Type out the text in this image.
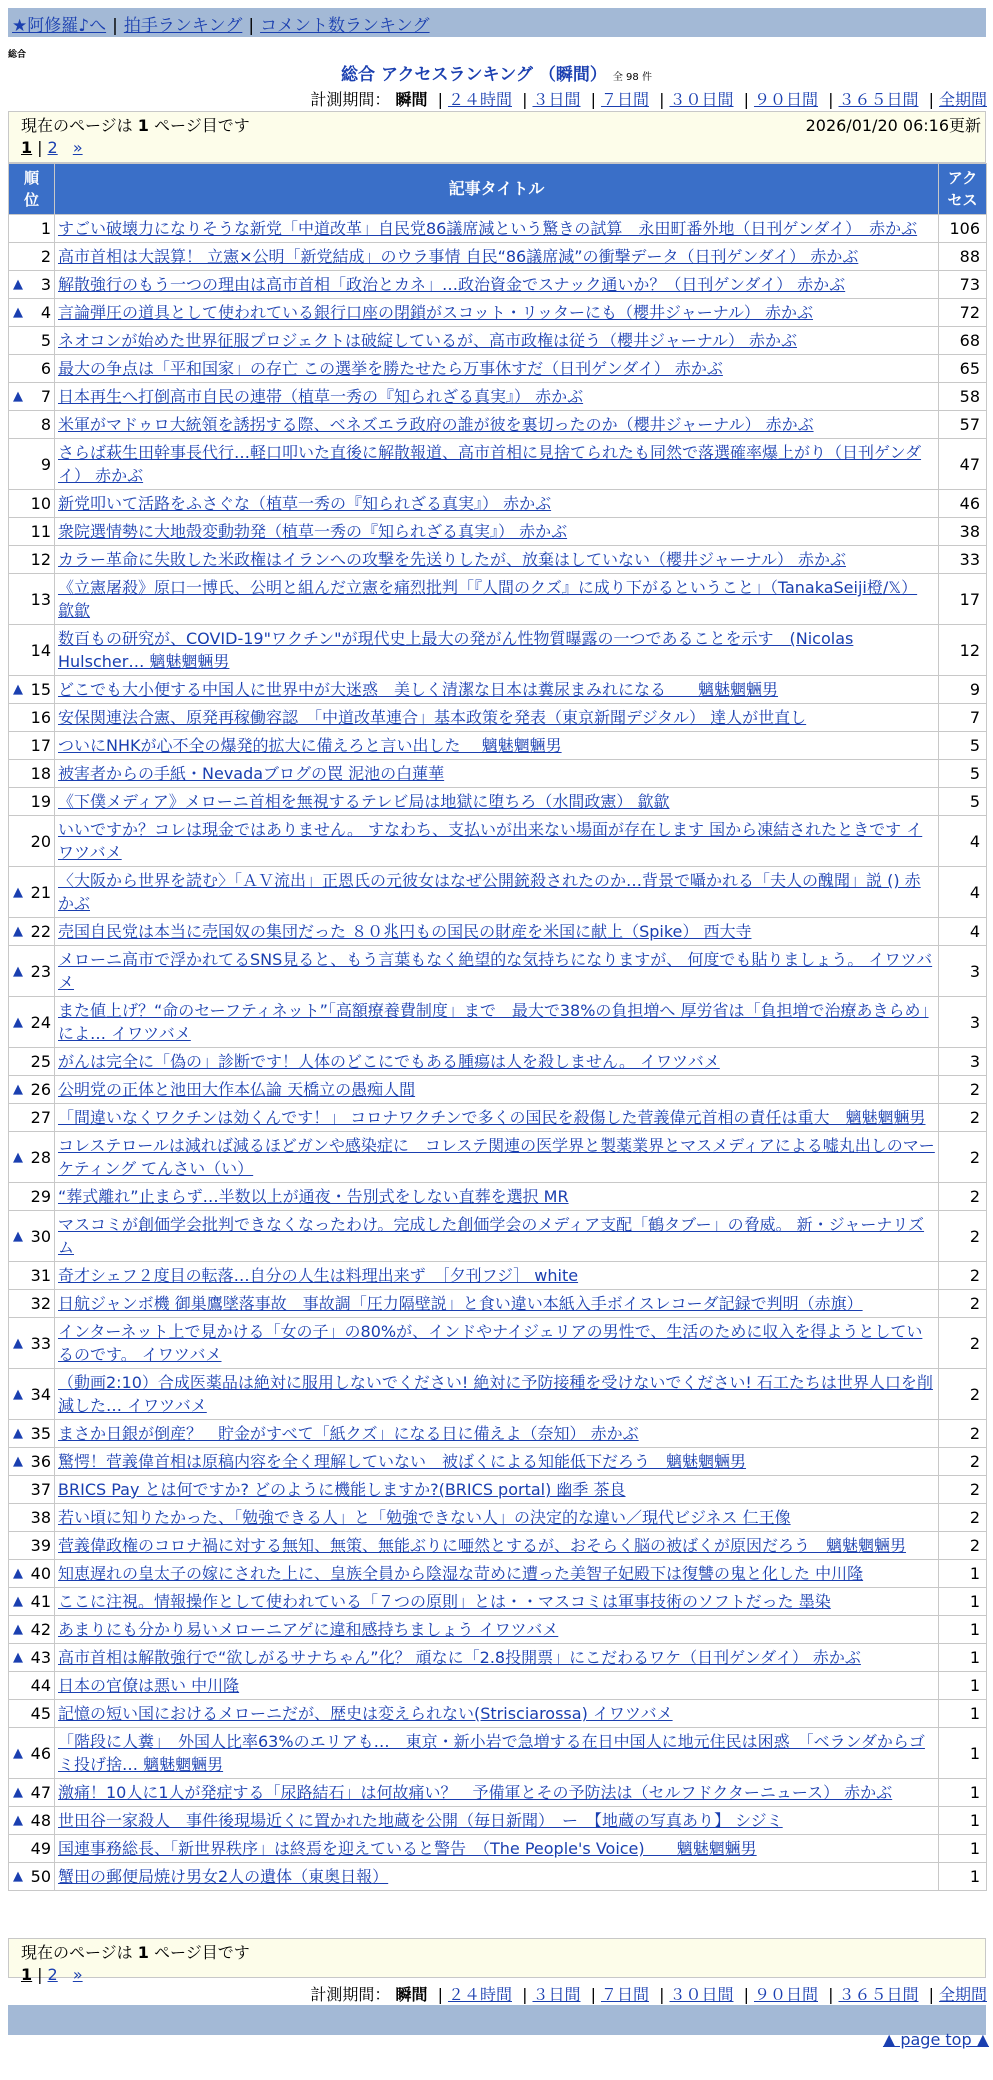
★阿修羅♪へ | 拍手ランキング | コメント数ランキング
総合
総合 アクセスランキング （瞬間） 全 98 件
計測期間： 瞬間 | ２４時間 | ３日間 | ７日間 | ３０日間 | ９０日間 | ３６５日間 | 全期間
現在のページは 1 ページ目です	2026/01/20 06:16更新
1 | 2 »
順位	記事タイトル	アクセス
1	すごい破壊力になりそうな新党「中道改革」自民党86議席減という驚きの試算　永田町番外地（日刊ゲンダイ）　赤かぶ	106
2	高市首相は大誤算！ 立憲×公明「新党結成」のウラ事情 自民“86議席減”の衝撃データ（日刊ゲンダイ） 赤かぶ	88

▲ 3	解散強行のもう一つの理由は高市首相「政治とカネ」…政治資金でスナック通いか？（日刊ゲンダイ） 赤かぶ	73

▲ 4	言論弾圧の道具として使われている銀行口座の閉鎖がスコット・リッターにも（櫻井ジャーナル） 赤かぶ	72
5	ネオコンが始めた世界征服プロジェクトは破綻しているが、高市政権は従う（櫻井ジャーナル） 赤かぶ	68
6	最大の争点は「平和国家」の存亡 この選挙を勝たせたら万事休すだ（日刊ゲンダイ） 赤かぶ	65

▲ 7	日本再生へ打倒高市自民の連帯（植草一秀の『知られざる真実』） 赤かぶ	58
8	米軍がマドゥロ大統領を誘拐する際、ベネズエラ政府の誰が彼を裏切ったのか（櫻井ジャーナル） 赤かぶ	57
9	さらば萩生田幹事長代行…軽口叩いた直後に解散報道、高市首相に見捨てられたも同然で落選確率爆上がり（日刊ゲンダイ） 赤かぶ	47
10	新党叩いて活路をふさぐな（植草一秀の『知られざる真実』） 赤かぶ	46
11	衆院選情勢に大地殻変動勃発（植草一秀の『知られざる真実』） 赤かぶ	38
12	カラー革命に失敗した米政権はイランへの攻撃を先送りしたが、放棄はしていない（櫻井ジャーナル） 赤かぶ	33
13	《立憲屠殺》原口一博氏、公明と組んだ立憲を痛烈批判「『人間のクズ』に成り下がるということ」（TanakaSeiji橙/𝕏） 歙歙	17
14	数百もの研究が、COVID-19"ワクチン"が現代史上最大の発がん性物質曝露の一つであることを示す　(Nicolas Hulscher… 魑魅魍魎男	12

▲ 15	どこでも大小便する中国人に世界中が大迷惑　美しく清潔な日本は糞尿まみれになる　　魑魅魍魎男	9
16	安保関連法合憲、原発再稼働容認　「中道改革連合」基本政策を発表（東京新聞デジタル） 達人が世直し	7
17	ついにNHKが心不全の爆発的拡大に備えろと言い出した　 魑魅魍魎男	5
18	被害者からの手紙・Nevadaブログの罠 泥池の白蓮華	5
19	《下僕メディア》メローニ首相を無視するテレビ局は地獄に堕ちろ（水間政憲） 歙歙	5
20	いいですか？コレは現金ではありません。 すなわち、支払いが出来ない場面が存在します 国から凍結されたときです イワツバメ	4

▲ 21	〈大阪から世界を読む〉「ＡＶ流出」正恩氏の元彼女はなぜ公開銃殺されたのか…背景で囁かれる「夫人の醜聞」説 () 赤かぶ	4

▲ 22	売国自民党は本当に売国奴の集団だった ８０兆円もの国民の財産を米国に献上（Spike） 西大寺	4

▲ 23	メローニ高市で浮かれてるSNS見ると、もう言葉もなく絶望的な気持ちになりますが、 何度でも貼りましょう。 イワツバメ	3

▲ 24	また値上げ？“命のセーフティネット”「高額療養費制度」まで　最大で38%の負担増へ 厚労省は「負担増で治療あきらめ」によ… イワツバメ	3
25	がんは完全に「偽の」診断です！人体のどこにでもある腫瘍は人を殺しません。 イワツバメ	3

▲ 26	公明党の正体と池田大作本仏論 天橋立の愚痴人間	2
27	「間違いなくワクチンは効くんです！」 コロナワクチンで多くの国民を殺傷した菅義偉元首相の責任は重大　魑魅魍魎男	2

▲ 28	コレステロールは減れば減るほどガンや感染症に　コレステ関連の医学界と製薬業界とマスメディアによる嘘丸出しのマーケティング てんさい（い）	2
29	“葬式離れ”止まらず…半数以上が通夜・告別式をしない直葬を選択 MR	2

▲ 30	マスコミが創価学会批判できなくなったわけ。完成した創価学会のメディア支配「鶴タブー」の脅威。 新・ジャーナリズム	2
31	奇才シェフ２度目の転落…自分の人生は料理出来ず　［夕刊フジ］ white	2
32	日航ジャンボ機 御巣鷹墜落事故　事故調「圧力隔壁説」と食い違い本紙入手ボイスレコーダ記録で判明（赤旗）	2

▲ 33	インターネット上で見かける「女の子」の80%が、インドやナイジェリアの男性で、生活のために収入を得ようとしているのです。 イワツバメ	2

▲ 34	（動画2:10）合成医薬品は絶対に服用しないでください! 絶対に予防接種を受けないでください! 石工たちは世界人口を削減した… イワツバメ	2

▲ 35	まさか日銀が倒産？　貯金がすべて「紙クズ」になる日に備えよ（奈知） 赤かぶ	2

▲ 36	驚愕！菅義偉首相は原稿内容を全く理解していない　被ばくによる知能低下だろう　魑魅魍魎男	2
37	BRICS Pay とは何ですか? どのように機能しますか?(BRICS portal) 幽季 茶良	2
38	若い頃に知りたかった、「勉強できる人」と「勉強できない人」の決定的な違い／現代ビジネス 仁王像	2
39	菅義偉政権のコロナ禍に対する無知、無策、無能ぶりに唖然とするが、おそらく脳の被ばくが原因だろう　魑魅魍魎男	2

▲ 40	知恵遅れの皇太子の嫁にされた上に、皇族全員から陰湿な苛めに遭った美智子妃殿下は復讐の鬼と化した 中川隆	1

▲ 41	ここに注視。情報操作として使われている「７つの原則」とは・・マスコミは軍事技術のソフトだった 墨染	1

▲ 42	あまりにも分かり易いメローニアゲに違和感持ちましょう イワツバメ	1

▲ 43	高市首相は解散強行で“欲しがるサナちゃん”化？ 頑なに「2.8投開票」にこだわるワケ（日刊ゲンダイ） 赤かぶ	1
44	日本の官僚は悪い 中川隆	1
45	記憶の短い国におけるメローニだが、歴史は変えられない(Strisciarossa) イワツバメ	1

▲ 46	「階段に人糞」　外国人比率63%のエリアも…　東京・新小岩で急増する在日中国人に地元住民は困惑　「ベランダからゴミ投げ捨… 魑魅魍魎男	1

▲ 47	激痛！10人に1人が発症する「尿路結石」は何故痛い？　予備軍とその予防法は（セルフドクターニュース） 赤かぶ	1

▲ 48	世田谷一家殺人　事件後現場近くに置かれた地蔵を公開（毎日新聞）　ー　【地蔵の写真あり】 シジミ	1
49	国連事務総長、「新世界秩序」は終焉を迎えていると警告　（The People's Voice)　　魑魅魍魎男	1

▲ 50	蟹田の郵便局焼け男女2人の遺体（東奥日報）	1
現在のページは 1 ページ目です
1 | 2 »
計測期間： 瞬間 | ２４時間 | ３日間 | ７日間 | ３０日間 | ９０日間 | ３６５日間 | 全期間
▲ page top ▲
